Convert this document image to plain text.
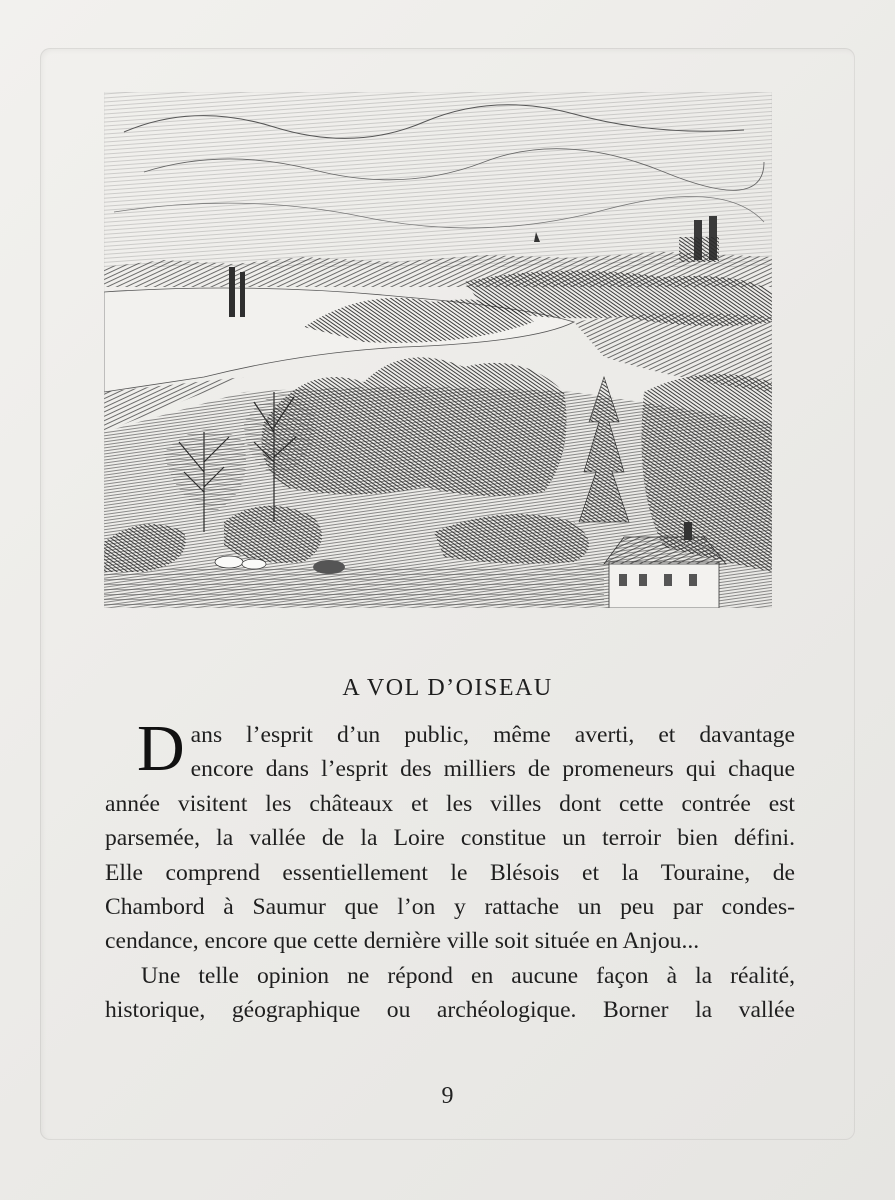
A VOL D’OISEAU
D ans l’esprit d’un public, même averti, et davantage
encore dans l’esprit des milliers de promeneurs qui chaque
année visitent les châteaux et les villes dont cette contrée est
parsemée, la vallée de la Loire constitue un terroir bien défini.
Elle comprend essentiellement le Blésois et la Touraine, de
Chambord à Saumur que l’on y rattache un peu par condes-
cendance, encore que cette dernière ville soit située en Anjou...
Une telle opinion ne répond en aucune façon à la réalité,
historique, géographique ou archéologique. Borner la vallée
9
